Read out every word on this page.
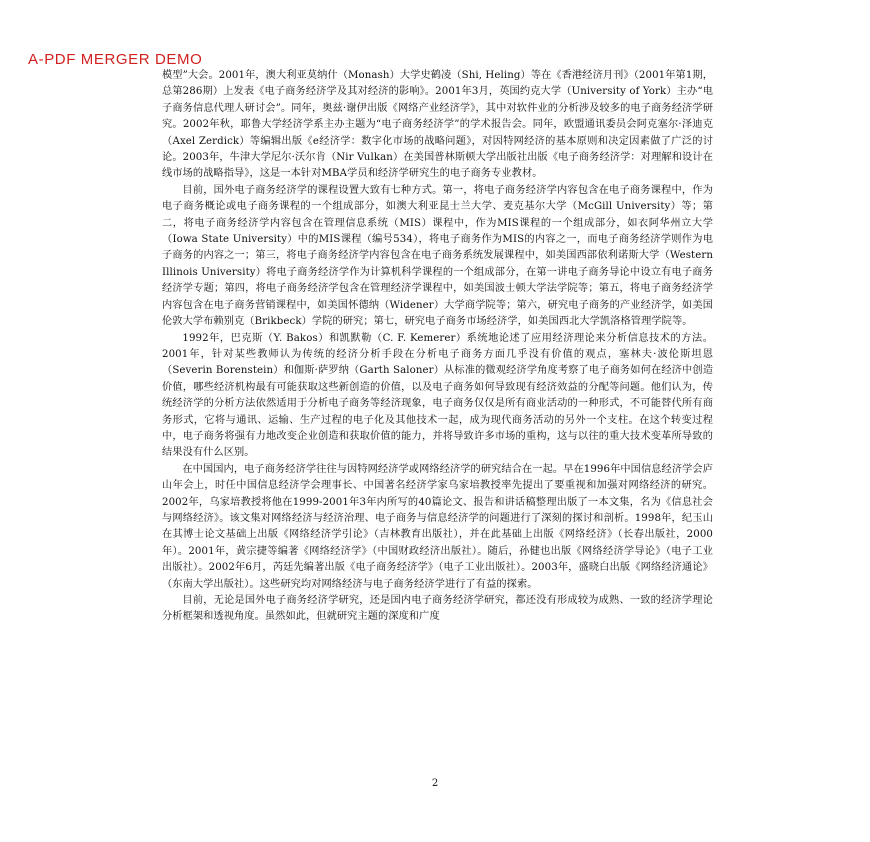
A-PDF MERGER DEMO

模型”大会。2001年，澳大利亚莫纳什（Monash）大学史鹤凌（Shi, Heling）等在《香港经济月刊》（2001年第1期，总第286期）上发表《电子商务经济学及其对经济的影响》。2001年3月，英国约克大学（University of York）主办“电子商务信息代理人研讨会”。同年，奥兹·谢伊出版《网络产业经济学》，其中对软件业的分析涉及较多的电子商务经济学研究。2002年秋，耶鲁大学经济学系主办主题为“电子商务经济学”的学术报告会。同年，欧盟通讯委员会阿克塞尔·泽迪克（Axel Zerdick）等编辑出版《e经济学：数字化市场的战略问题》，对因特网经济的基本原则和决定因素做了广泛的讨论。2003年，牛津大学尼尔·沃尔肯（Nir Vulkan）在美国普林斯顿大学出版社出版《电子商务经济学：对理解和设计在线市场的战略指导》，这是一本针对MBA学员和经济学研究生的电子商务专业教材。

目前，国外电子商务经济学的课程设置大致有七种方式。第一，将电子商务经济学内容包含在电子商务课程中，作为电子商务概论或电子商务课程的一个组成部分，如澳大利亚昆士兰大学、麦克基尔大学（McGill University）等；第二，将电子商务经济学内容包含在管理信息系统（MIS）课程中，作为MIS课程的一个组成部分，如衣阿华州立大学（Iowa State University）中的MIS课程（编号534），将电子商务作为MIS的内容之一，而电子商务经济学则作为电子商务的内容之一；第三，将电子商务经济学内容包含在电子商务系统发展课程中，如美国西部依利诺斯大学（Western Illinois University）将电子商务经济学作为计算机科学课程的一个组成部分，在第一讲电子商务导论中设立有电子商务经济学专题；第四，将电子商务经济学包含在管理经济学课程中，如美国波士顿大学法学院等；第五，将电子商务经济学内容包含在电子商务营销课程中，如美国怀德纳（Widener）大学商学院等；第六，研究电子商务的产业经济学，如美国伦敦大学布赖别克（Brikbeck）学院的研究；第七，研究电子商务市场经济学，如美国西北大学凯洛格管理学院等。

1992年，巴克斯（Y. Bakos）和凯默勒（C. F. Kemerer）系统地论述了应用经济理论来分析信息技术的方法。2001年，针对某些教师认为传统的经济分析手段在分析电子商务方面几乎没有价值的观点，塞林夫·波伦斯坦恩（Severin Borenstein）和伽斯·萨罗纳（Garth Saloner）从标准的微观经济学角度考察了电子商务如何在经济中创造价值，哪些经济机构最有可能获取这些新创造的价值，以及电子商务如何导致现有经济效益的分配等问题。他们认为，传统经济学的分析方法依然适用于分析电子商务等经济现象，电子商务仅仅是所有商业活动的一种形式，不可能替代所有商务形式，它将与通讯、运输、生产过程的电子化及其他技术一起，成为现代商务活动的另外一个支柱。在这个转变过程中，电子商务将强有力地改变企业创造和获取价值的能力，并将导致许多市场的重构，这与以往的重大技术变革所导致的结果没有什么区别。

在中国国内，电子商务经济学往往与因特网经济学或网络经济学的研究结合在一起。早在1996年中国信息经济学会庐山年会上，时任中国信息经济学会理事长、中国著名经济学家乌家培教授率先提出了要重视和加强对网络经济的研究。2002年，乌家培教授将他在1999-2001年3年内所写的40篇论文、报告和讲话稿整理出版了一本文集，名为《信息社会与网络经济》。该文集对网络经济与经济治理、电子商务与信息经济学的问题进行了深刻的探讨和剖析。1998年，纪玉山在其博士论文基础上出版《网络经济学引论》（吉林教育出版社），并在此基础上出版《网络经济》（长春出版社，2000年）。2001年，黄宗捷等编著《网络经济学》（中国财政经济出版社）。随后，孙健也出版《网络经济学导论》（电子工业出版社）。2002年6月，芮廷先编著出版《电子商务经济学》（电子工业出版社）。2003年，盛晓白出版《网络经济通论》（东南大学出版社）。这些研究均对网络经济与电子商务经济学进行了有益的探索。

目前，无论是国外电子商务经济学研究，还是国内电子商务经济学研究，都还没有形成较为成熟、一致的经济学理论分析框架和透视角度。虽然如此，但就研究主题的深度和广度

2
